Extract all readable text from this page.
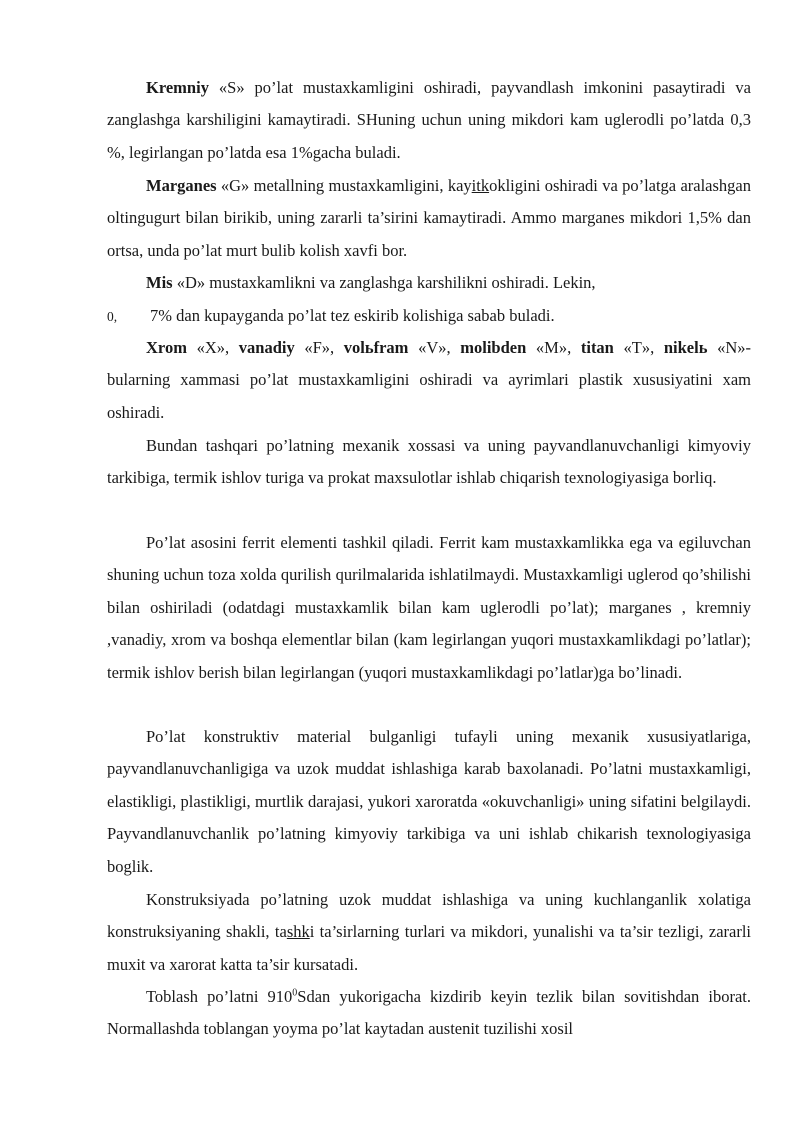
Kremniy «S» po’lat mustaxkamligini oshiradi, payvandlash imkonini pasaytiradi va zanglashga karshiligini kamaytiradi. SHuning uchun uning mikdori kam uglerodli po’latda 0,3 %, legirlangan po’latda esa 1%gacha buladi.

Marganes «G» metallning mustaxkamligini, kayitkokligini oshiradi va po’latga aralashgan oltingugurt bilan birikib, uning zararli ta’sirini kamaytiradi. Ammo marganes mikdori 1,5% dan ortsa, unda po’lat murt bulib kolish xavfi bor.

Mis «D» mustaxkamlikni va zanglashga karshilikni oshiradi. Lekin,

0, 7% dan kupayganda po’lat tez eskirib kolishiga sabab buladi.

Xrom «X», vanadiy «F», volьfram «V», molibden «M», titan «T», nikelь «N»- bularning xammasi po’lat mustaxkamligini oshiradi va ayrimlari plastik xususiyatini xam oshiradi.

Bundan tashqari po’latning mexanik xossasi va uning payvandlanuvchanligi kimyoviy tarkibiga, termik ishlov turiga va prokat maxsulotlar ishlab chiqarish texnologiyasiga borliq.

Po’lat asosini ferrit elementi tashkil qiladi. Ferrit kam mustaxkamlikka ega va egiluvchan shuning uchun toza xolda qurilish qurilmalarida ishlatilmaydi. Mustaxkamligi uglerod qo’shilishi bilan oshiriladi (odatdagi mustaxkamlik bilan kam uglerodli po’lat); marganes , kremniy ,vanadiy, xrom va boshqa elementlar bilan (kam legirlangan yuqori mustaxkamlikdagi po’latlar); termik ishlov berish bilan legirlangan (yuqori mustaxkamlikdagi po’latlar)ga bo’linadi.

Po’lat konstruktiv material bulganligi tufayli uning mexanik xususiyatlariga, payvandlanuvchanligiga va uzok muddat ishlashiga karab baxolanadi. Po’latni mustaxkamligi, elastikligi, plastikligi, murtlik darajasi, yukori xaroratda «okuvchanligi» uning sifatini belgilaydi. Payvandlanuvchanlik po’latning kimyoviy tarkibiga va uni ishlab chikarish texnologiyasiga boglik.

Konstruksiyada po’latning uzok muddat ishlashiga va uning kuchlanganlik xolatiga konstruksiyaning shakli, tashki ta’sirlarning turlari va mikdori, yunalishi va ta’sir tezligi, zararli muxit va xarorat katta ta’sir kursatadi.

Toblash po’latni $910^0Sdan$ yukorigacha kizdirib keyin tezlik bilan sovitishdan iborat. Normallashda toblangan yoyma po’lat kaytadan austenit tuzilishi xosil
